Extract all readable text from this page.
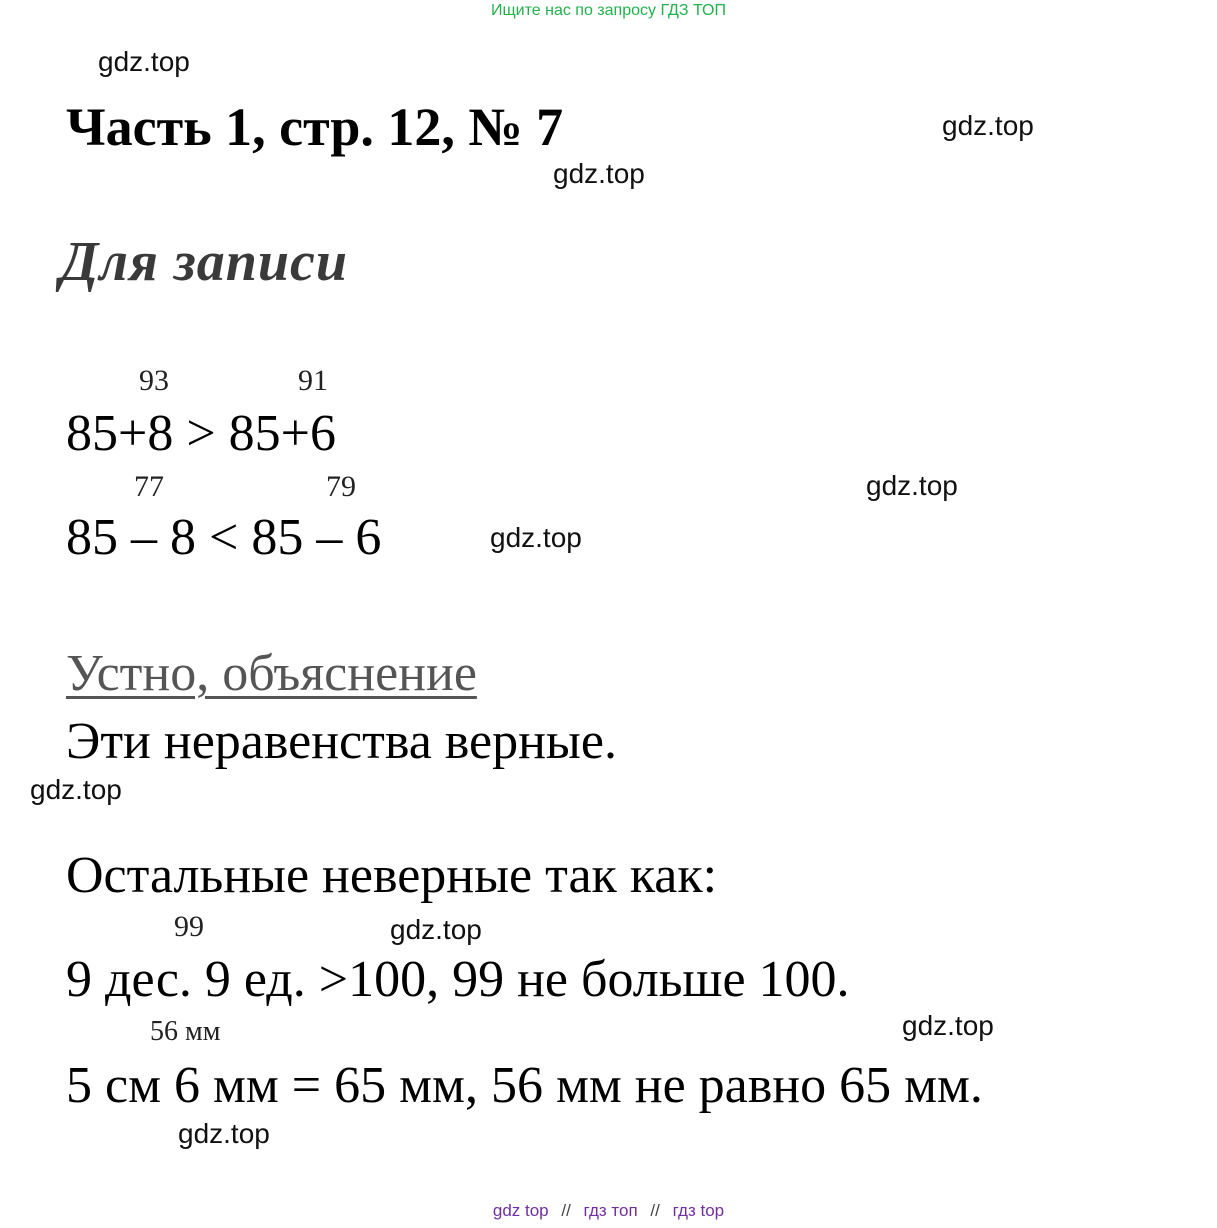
Ищите нас по запросу ГДЗ ТОП
gdz.top
gdz.top
gdz.top
gdz.top
gdz.top
gdz.top
gdz.top
gdz.top
gdz.top
Часть 1, стр. 12, № 7
Для записи
93	91
85+8 > 85+6
77	79
85 – 8 < 85 – 6
Устно, объяснение
Эти неравенства верные.
Остальные неверные так как:
99
9 дес. 9 ед. >100, 99 не больше 100.
56 мм
5 см 6 мм = 65 мм, 56 мм не равно 65 мм.
gdz top // гдз топ // гдз top
